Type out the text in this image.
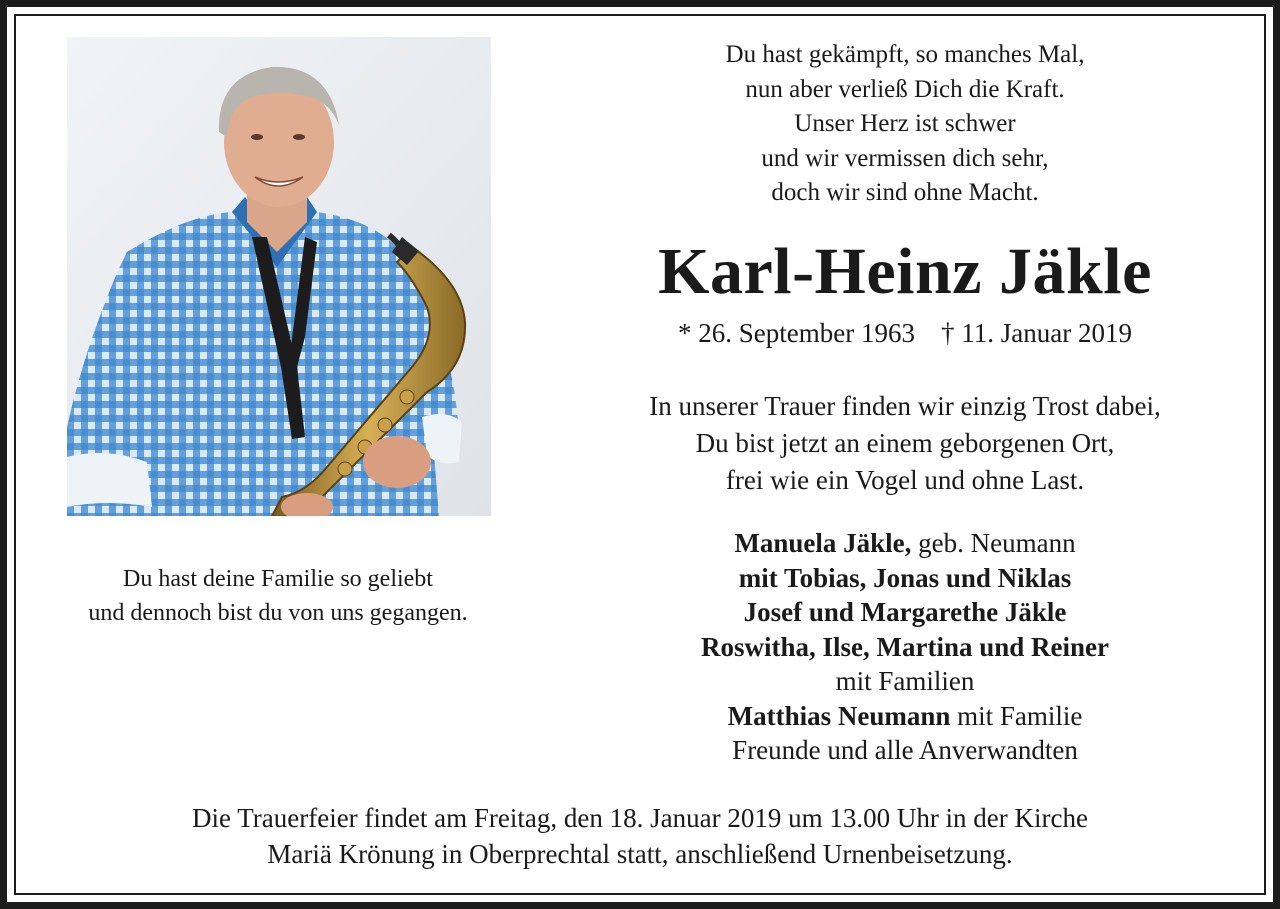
Du hast deine Familie so geliebt
und dennoch bist du von uns gegangen.
Du hast gekämpft, so manches Mal,
nun aber verließ Dich die Kraft.
Unser Herz ist schwer
und wir vermissen dich sehr,
doch wir sind ohne Macht.
Karl-Heinz Jäkle
* 26. September 1963 † 11. Januar 2019
In unserer Trauer finden wir einzig Trost dabei,
Du bist jetzt an einem geborgenen Ort,
frei wie ein Vogel und ohne Last.
Manuela Jäkle, geb. Neumann
mit Tobias, Jonas und Niklas
Josef und Margarethe Jäkle
Roswitha, Ilse, Martina und Reiner
mit Familien
Matthias Neumann mit Familie
Freunde und alle Anverwandten
Die Trauerfeier findet am Freitag, den 18. Januar 2019 um 13.00 Uhr in der Kirche
Mariä Krönung in Oberprechtal statt, anschließend Urnenbeisetzung.
